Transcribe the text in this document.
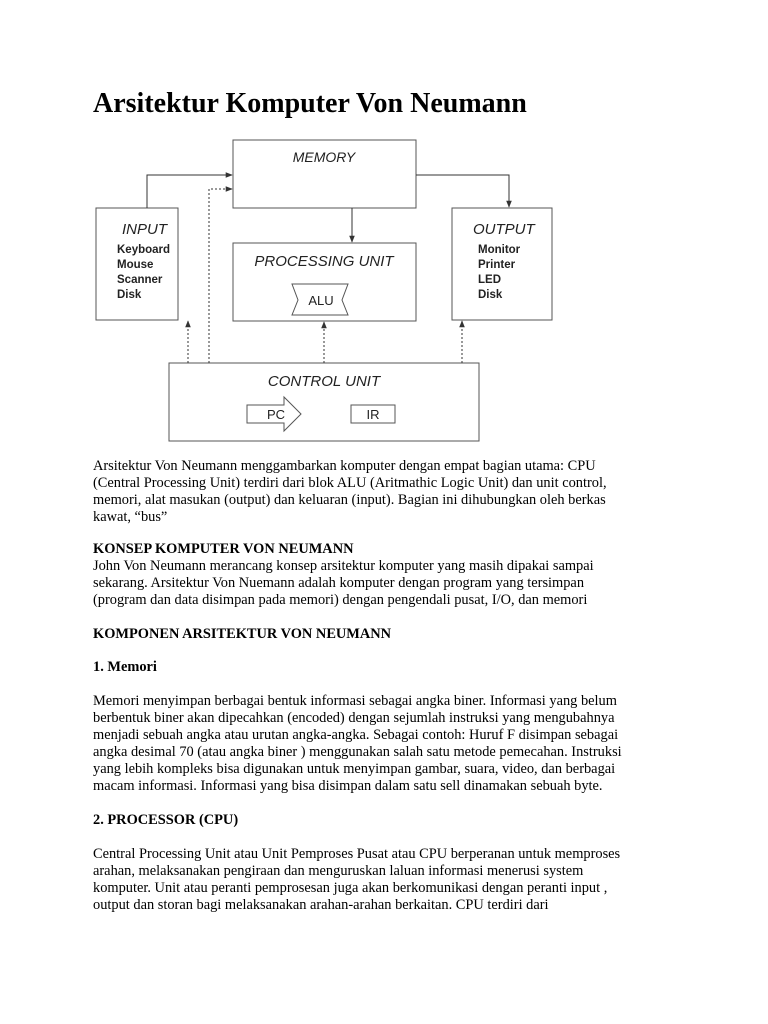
Arsitektur Komputer Von Neumann
MEMORY
INPUT
Keyboard
Mouse
Scanner
Disk
OUTPUT
Monitor
Printer
LED
Disk
PROCESSING UNIT
ALU
CONTROL UNIT
PC	IR

Arsitektur Von Neumann menggambarkan komputer dengan empat bagian utama: CPU
(Central Processing Unit) terdiri dari blok ALU (Aritmathic Logic Unit) dan unit control,
memori, alat masukan (output) dan keluaran (input). Bagian ini dihubungkan oleh berkas
kawat, “bus”

KONSEP KOMPUTER VON NEUMANN

John Von Neumann merancang konsep arsitektur komputer yang masih dipakai sampai
sekarang. Arsitektur Von Nuemann adalah komputer dengan program yang tersimpan
(program dan data disimpan pada memori) dengan pengendali pusat, I/O, dan memori

KOMPONEN ARSITEKTUR VON NEUMANN

1. Memori

Memori menyimpan berbagai bentuk informasi sebagai angka biner. Informasi yang belum
berbentuk biner akan dipecahkan (encoded) dengan sejumlah instruksi yang mengubahnya
menjadi sebuah angka atau urutan angka-angka. Sebagai contoh: Huruf F disimpan sebagai
angka desimal 70 (atau angka biner ) menggunakan salah satu metode pemecahan. Instruksi
yang lebih kompleks bisa digunakan untuk menyimpan gambar, suara, video, dan berbagai
macam informasi. Informasi yang bisa disimpan dalam satu sell dinamakan sebuah byte.

2. PROCESSOR (CPU)

Central Processing Unit atau Unit Pemproses Pusat atau CPU berperanan untuk memproses
arahan, melaksanakan pengiraan dan menguruskan laluan informasi menerusi system
komputer. Unit atau peranti pemprosesan juga akan berkomunikasi dengan peranti input ,
output dan storan bagi melaksanakan arahan-arahan berkaitan. CPU terdiri dari
